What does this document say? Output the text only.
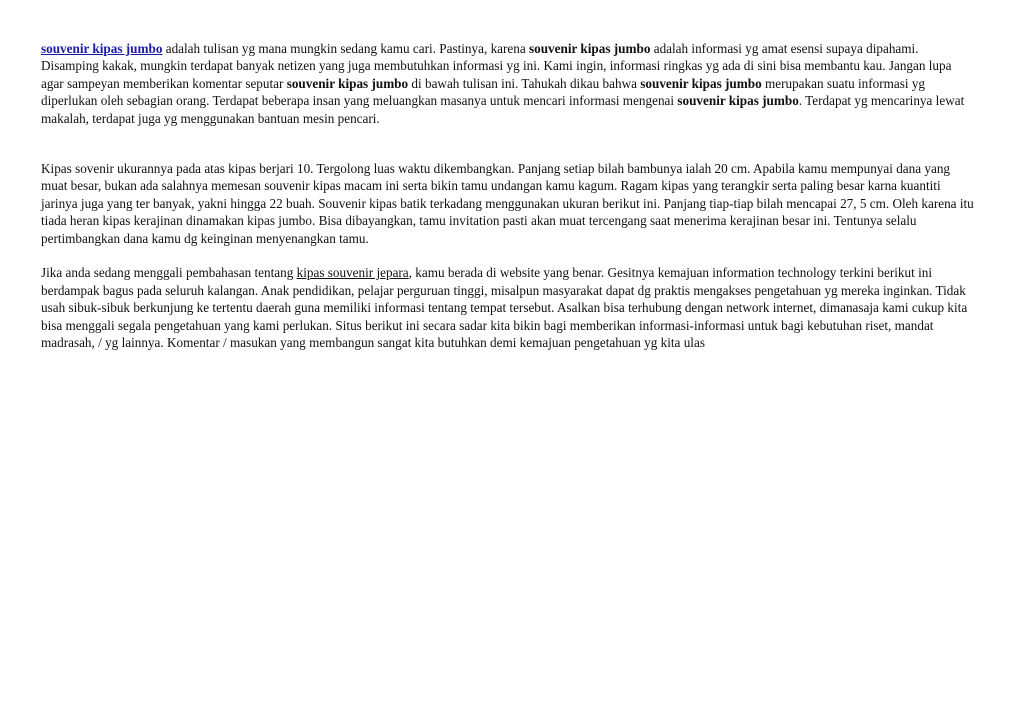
souvenir kipas jumbo adalah tulisan yg mana mungkin sedang kamu cari. Pastinya, karena souvenir kipas jumbo adalah informasi yg amat esensi supaya dipahami. Disamping kakak, mungkin terdapat banyak netizen yang juga membutuhkan informasi yg ini. Kami ingin, informasi ringkas yg ada di sini bisa membantu kau. Jangan lupa agar sampeyan memberikan komentar seputar souvenir kipas jumbo di bawah tulisan ini. Tahukah dikau bahwa souvenir kipas jumbo merupakan suatu informasi yg diperlukan oleh sebagian orang. Terdapat beberapa insan yang meluangkan masanya untuk mencari informasi mengenai souvenir kipas jumbo. Terdapat yg mencarinya lewat makalah, terdapat juga yg menggunakan bantuan mesin pencari.

Kipas sovenir ukurannya pada atas kipas berjari 10. Tergolong luas waktu dikembangkan. Panjang setiap bilah bambunya ialah 20 cm. Apabila kamu mempunyai dana yang muat besar, bukan ada salahnya memesan souvenir kipas macam ini serta bikin tamu undangan kamu kagum. Ragam kipas yang terangkir serta paling besar karna kuantiti jarinya juga yang ter banyak, yakni hingga 22 buah. Souvenir kipas batik terkadang menggunakan ukuran berikut ini. Panjang tiap-tiap bilah mencapai 27, 5 cm. Oleh karena itu tiada heran kipas kerajinan dinamakan kipas jumbo. Bisa dibayangkan, tamu invitation pasti akan muat tercengang saat menerima kerajinan besar ini. Tentunya selalu pertimbangkan dana kamu dg keinginan menyenangkan tamu.

Jika anda sedang menggali pembahasan tentang kipas souvenir jepara, kamu berada di website yang benar. Gesitnya kemajuan information technology terkini berikut ini berdampak bagus pada seluruh kalangan. Anak pendidikan, pelajar perguruan tinggi, misalpun masyarakat dapat dg praktis mengakses pengetahuan yg mereka inginkan. Tidak usah sibuk-sibuk berkunjung ke tertentu daerah guna memiliki informasi tentang tempat tersebut. Asalkan bisa terhubung dengan network internet, dimanasaja kami cukup kita bisa menggali segala pengetahuan yang kami perlukan. Situs berikut ini secara sadar kita bikin bagi memberikan informasi-informasi untuk bagi kebutuhan riset, mandat madrasah, / yg lainnya. Komentar / masukan yang membangun sangat kita butuhkan demi kemajuan pengetahuan yg kita ulas
